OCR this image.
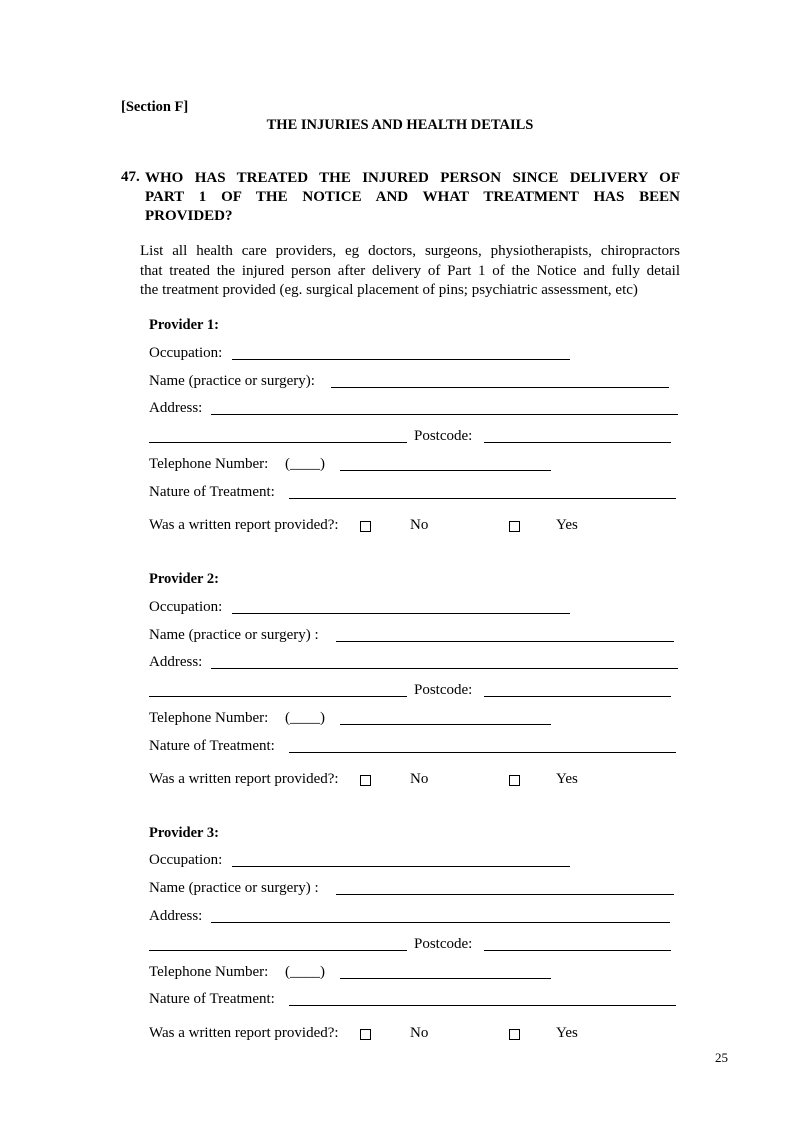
[Section F]
THE INJURIES AND HEALTH DETAILS
47. WHO HAS TREATED THE INJURED PERSON SINCE DELIVERY OF
PART 1 OF THE NOTICE AND WHAT TREATMENT HAS BEEN
PROVIDED?
List all health care providers, eg doctors, surgeons, physiotherapists, chiropractors
that treated the injured person after delivery of Part 1 of the Notice and fully detail
the treatment provided (eg. surgical placement of pins; psychiatric assessment, etc)
Provider 1:
Occupation:
Name (practice or surgery):
Address:
Postcode:
Telephone Number: (____)
Nature of Treatment:
Was a written report provided?:	No	Yes
Provider 2:
Occupation:
Name (practice or surgery) :
Address:
Postcode:
Telephone Number: (____)
Nature of Treatment:
Was a written report provided?:	No	Yes
Provider 3:
Occupation:
Name (practice or surgery) :
Address:
Postcode:
Telephone Number: (____)
Nature of Treatment:
Was a written report provided?:	No	Yes
25
